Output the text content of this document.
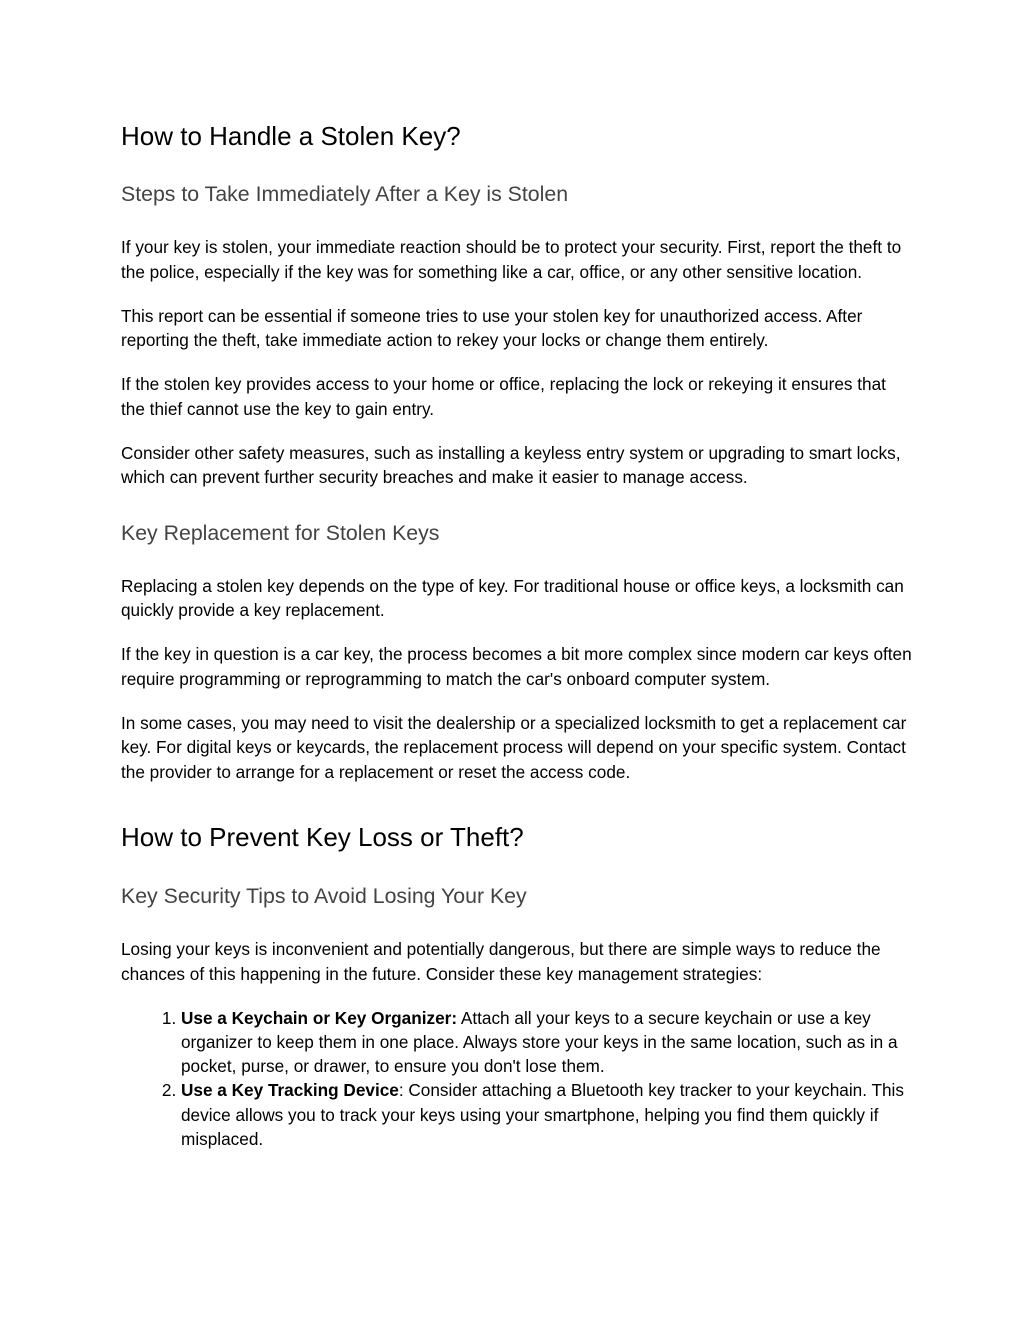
How to Handle a Stolen Key?
Steps to Take Immediately After a Key is Stolen

If your key is stolen, your immediate reaction should be to protect your security. First, report the theft to the police, especially if the key was for something like a car, office, or any other sensitive location.

This report can be essential if someone tries to use your stolen key for unauthorized access. After reporting the theft, take immediate action to rekey your locks or change them entirely.

If the stolen key provides access to your home or office, replacing the lock or rekeying it ensures that the thief cannot use the key to gain entry.

Consider other safety measures, such as installing a keyless entry system or upgrading to smart locks, which can prevent further security breaches and make it easier to manage access.

Key Replacement for Stolen Keys

Replacing a stolen key depends on the type of key. For traditional house or office keys, a locksmith can quickly provide a key replacement.

If the key in question is a car key, the process becomes a bit more complex since modern car keys often require programming or reprogramming to match the car's onboard computer system.

In some cases, you may need to visit the dealership or a specialized locksmith to get a replacement car key. For digital keys or keycards, the replacement process will depend on your specific system. Contact the provider to arrange for a replacement or reset the access code.

How to Prevent Key Loss or Theft?
Key Security Tips to Avoid Losing Your Key

Losing your keys is inconvenient and potentially dangerous, but there are simple ways to reduce the chances of this happening in the future. Consider these key management strategies:

1. Use a Keychain or Key Organizer: Attach all your keys to a secure keychain or use a key organizer to keep them in one place. Always store your keys in the same location, such as in a pocket, purse, or drawer, to ensure you don't lose them.
2. Use a Key Tracking Device: Consider attaching a Bluetooth key tracker to your keychain. This device allows you to track your keys using your smartphone, helping you find them quickly if misplaced.
